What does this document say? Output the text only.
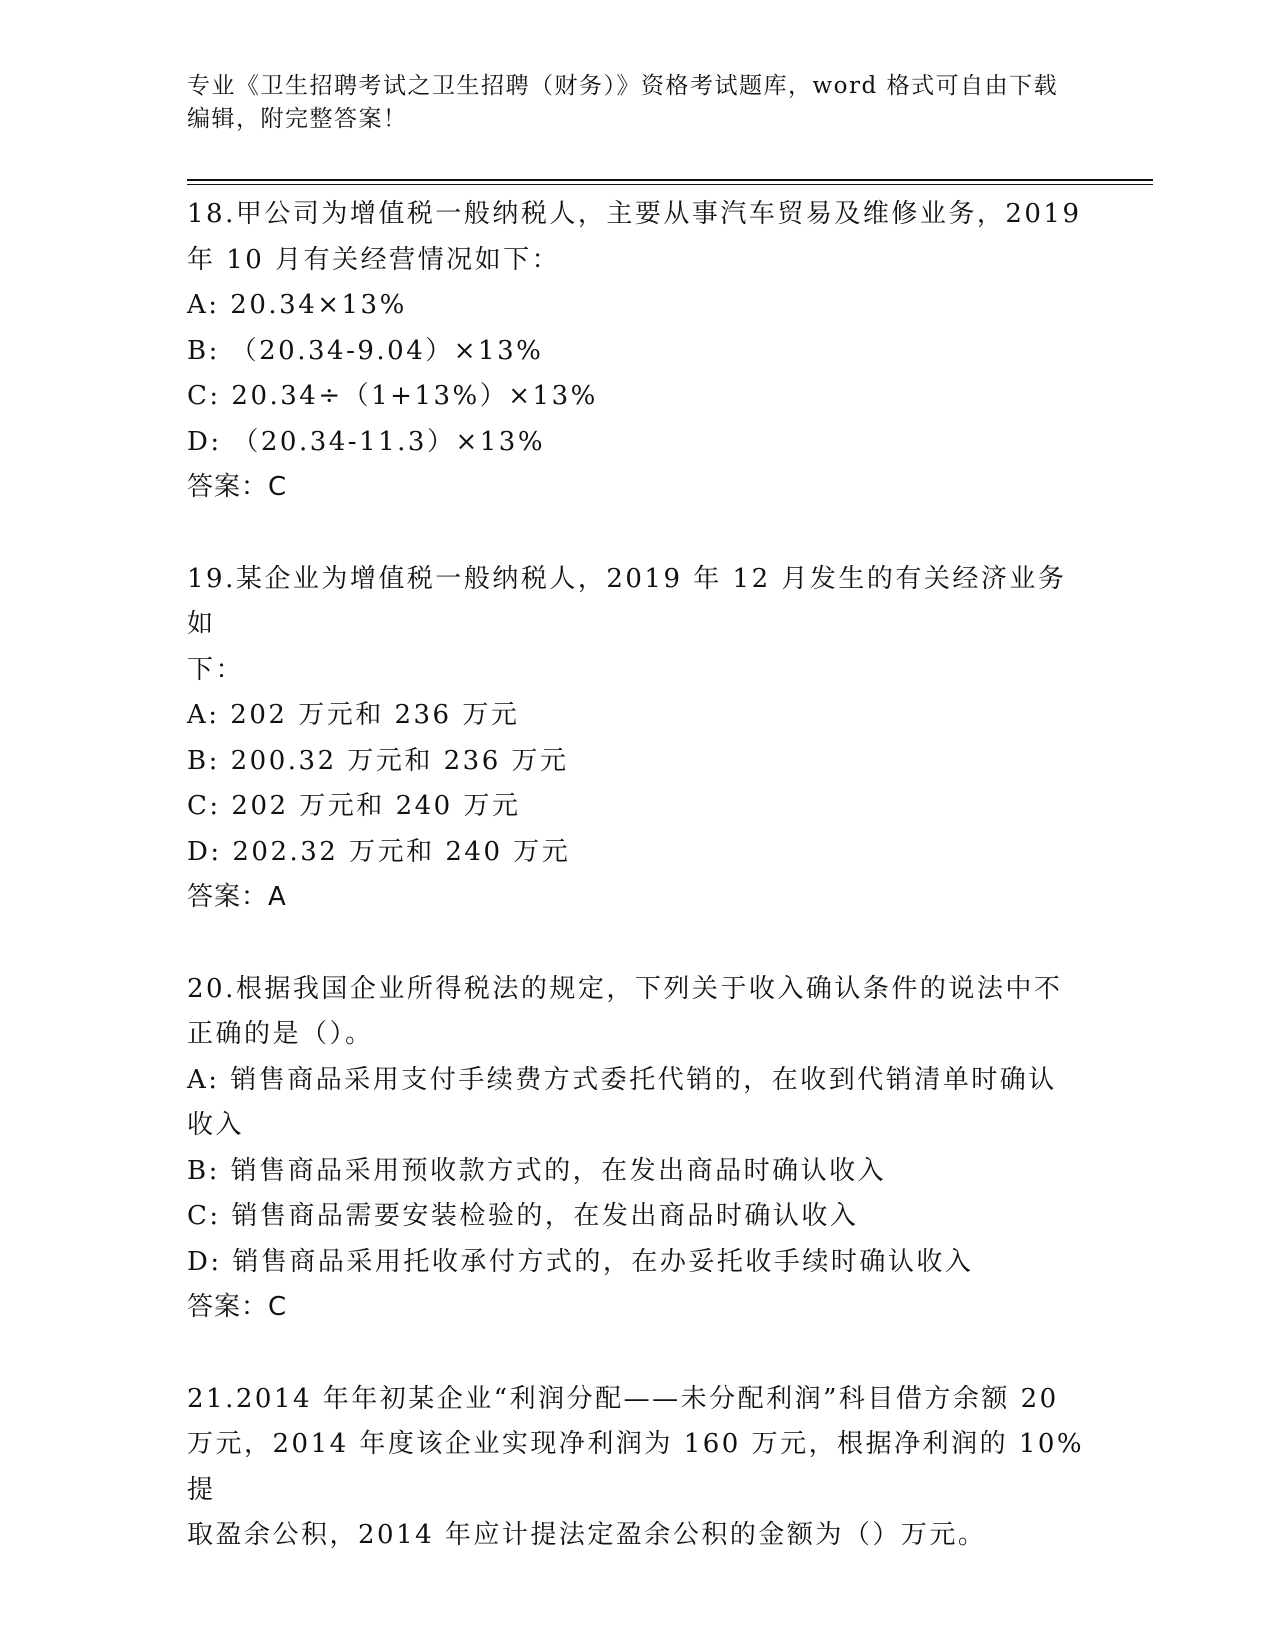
专业《卫生招聘考试之卫生招聘（财务）》资格考试题库，word 格式可自由下载
编辑，附完整答案！
18.甲公司为增值税一般纳税人，主要从事汽车贸易及维修业务，2019
年 10 月有关经营情况如下：
A: 20.34×13%
B: （20.34-9.04）×13%
C: 20.34÷（1+13%）×13%
D: （20.34-11.3）×13%
答案：C
19.某企业为增值税一般纳税人，2019 年 12 月发生的有关经济业务如
下：
A: 202 万元和 236 万元
B: 200.32 万元和 236 万元
C: 202 万元和 240 万元
D: 202.32 万元和 240 万元
答案：A
20.根据我国企业所得税法的规定，下列关于收入确认条件的说法中不
正确的是（）。
A: 销售商品采用支付手续费方式委托代销的，在收到代销清单时确认
收入
B: 销售商品采用预收款方式的，在发出商品时确认收入
C: 销售商品需要安装检验的，在发出商品时确认收入
D: 销售商品采用托收承付方式的，在办妥托收手续时确认收入
答案：C
21.2014 年年初某企业“利润分配——未分配利润”科目借方余额 20
万元，2014 年度该企业实现净利润为 160 万元，根据净利润的 10%提
取盈余公积，2014 年应计提法定盈余公积的金额为（）万元。
